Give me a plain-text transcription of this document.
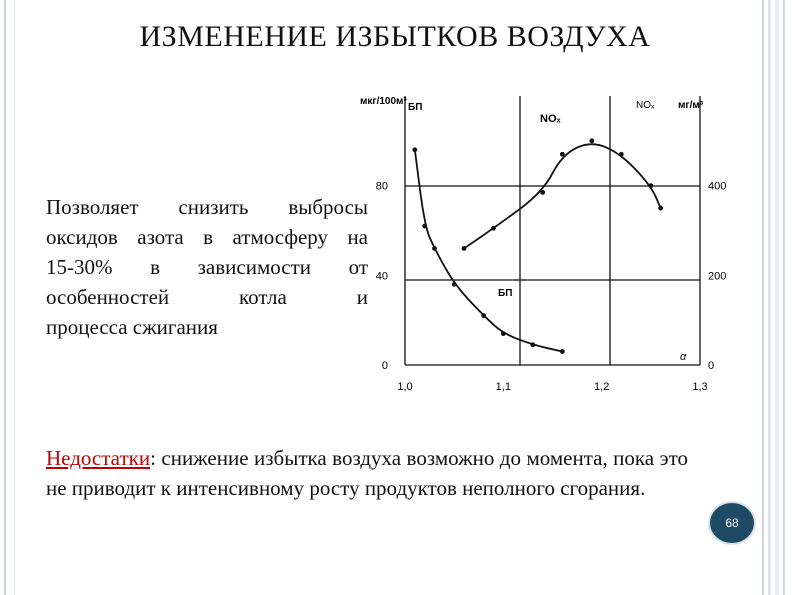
ИЗМЕНЕНИЕ ИЗБЫТКОВ ВОЗДУХА
Позволяет снизить выбросы
оксидов азота в атмосферу на
15-30% в зависимости от
особенностей котла и
процесса сжигания
мкг/100м³	мг/м³
БП	NOₓ
NOₓ
БП
α
0
40
80
0
200
400
1,0	1,1	1,2	1,3
Недостатки: снижение избытка воздуха возможно до момента, пока это не приводит к интенсивному росту продуктов неполного сгорания.
68
